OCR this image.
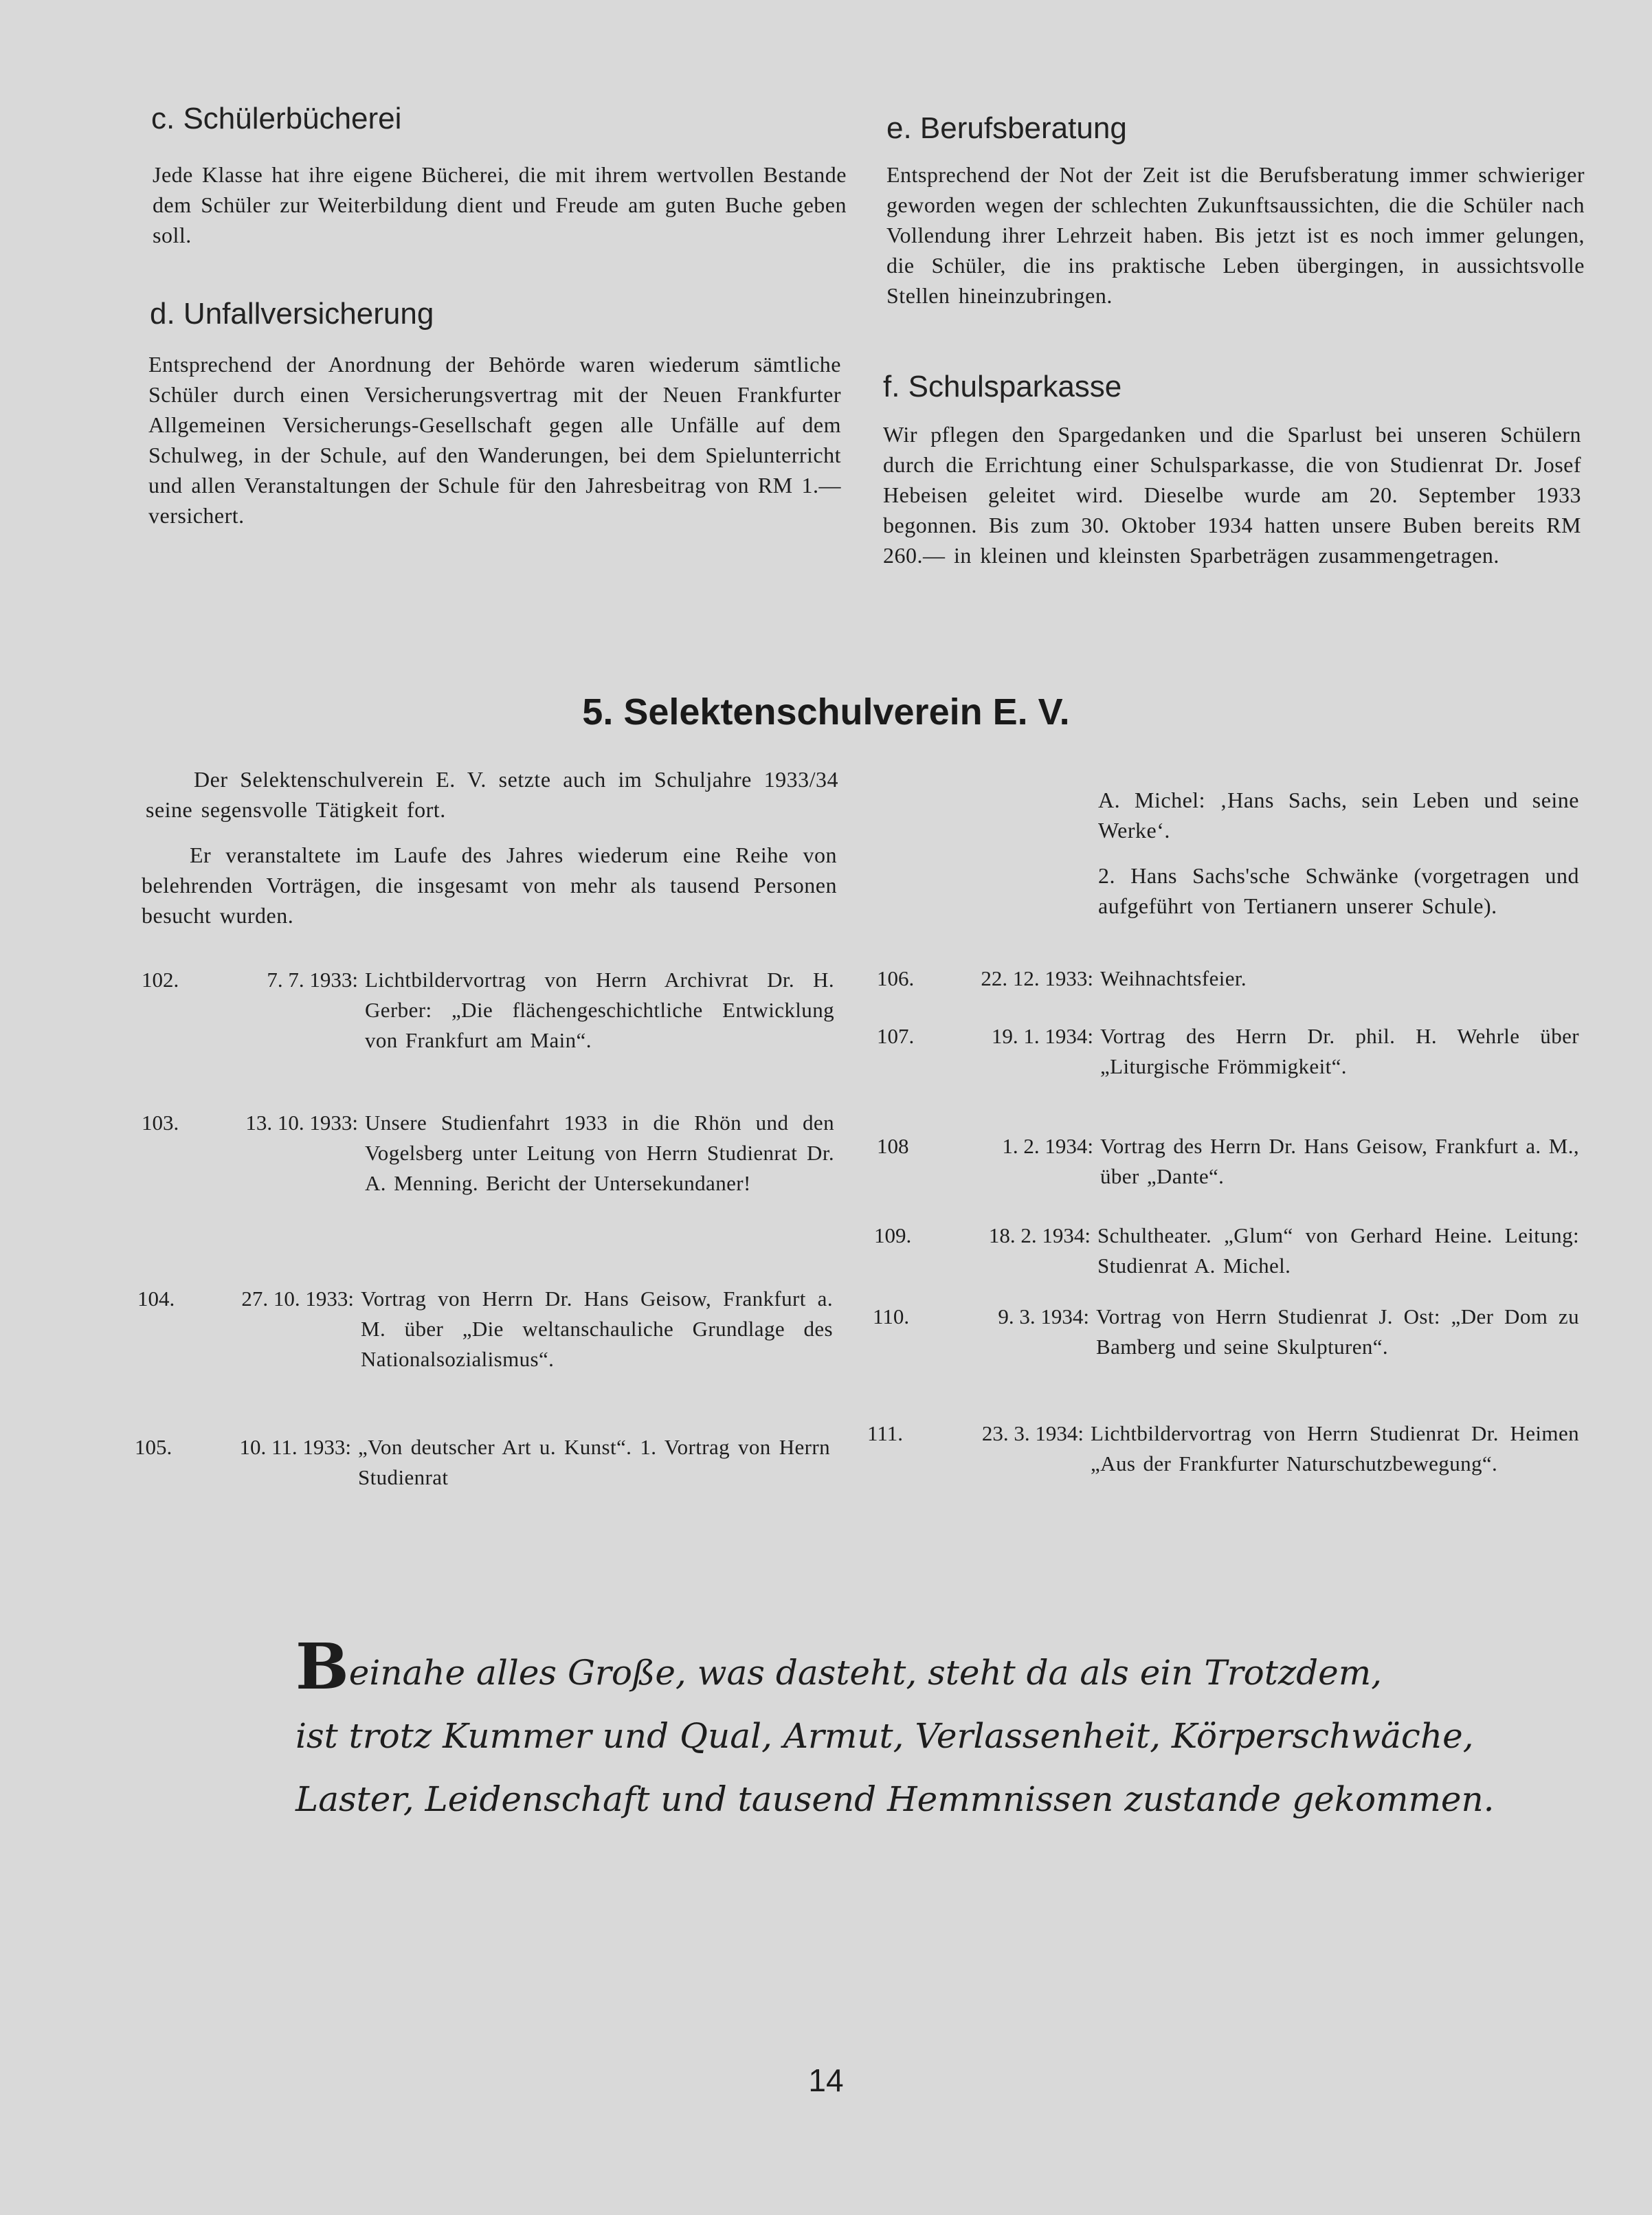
c. Schülerbücherei
Jede Klasse hat ihre eigene Bücherei, die mit ihrem wertvollen Bestande dem Schüler zur Weiterbildung dient und Freude am guten Buche geben soll.
d. Unfallversicherung
Entsprechend der Anordnung der Behörde waren wiederum sämtliche Schüler durch einen Versicherungsvertrag mit der Neuen Frankfurter Allgemeinen Versicherungs-Gesellschaft gegen alle Unfälle auf dem Schulweg, in der Schule, auf den Wanderungen, bei dem Spielunterricht und allen Veranstaltungen der Schule für den Jahresbeitrag von RM 1.— versichert.
e. Berufsberatung
Entsprechend der Not der Zeit ist die Berufsberatung immer schwieriger geworden wegen der schlechten Zukunftsaussichten, die die Schüler nach Vollendung ihrer Lehrzeit haben. Bis jetzt ist es noch immer gelungen, die Schüler, die ins praktische Leben übergingen, in aussichtsvolle Stellen hineinzubringen.
f. Schulsparkasse
Wir pflegen den Spargedanken und die Sparlust bei unseren Schülern durch die Errichtung einer Schulsparkasse, die von Studienrat Dr. Josef Hebeisen geleitet wird. Dieselbe wurde am 20. September 1933 begonnen. Bis zum 30. Oktober 1934 hatten unsere Buben bereits RM 260.— in kleinen und kleinsten Sparbeträgen zusammengetragen.
5. Selektenschulverein E. V.
Der Selektenschulverein E. V. setzte auch im Schuljahre 1933/34 seine segensvolle Tätigkeit fort.
Er veranstaltete im Laufe des Jahres wiederum eine Reihe von belehrenden Vorträgen, die insgesamt von mehr als tausend Personen besucht wurden.
102.	7. 7. 1933: Lichtbildervortrag von Herrn Archivrat Dr. H. Gerber: „Die flächengeschichtliche Entwicklung von Frankfurt am Main“.
103.	13. 10. 1933: Unsere Studienfahrt 1933 in die Rhön und den Vogelsberg unter Leitung von Herrn Studienrat Dr. A. Menning. Bericht der Untersekundaner!
104.	27. 10. 1933: Vortrag von Herrn Dr. Hans Geisow, Frankfurt a. M. über „Die weltanschauliche Grundlage des Nationalsozialismus“.
105.	10. 11. 1933: „Von deutscher Art u. Kunst“. 1. Vortrag von Herrn Studienrat
A. Michel: ‚Hans Sachs, sein Leben und seine Werke‘.
2. Hans Sachs'sche Schwänke (vorgetragen und aufgeführt von Tertianern unserer Schule).
106.	22. 12. 1933: Weihnachtsfeier.
107.	19. 1. 1934: Vortrag des Herrn Dr. phil. H. Wehrle über „Liturgische Frömmigkeit“.
108	1. 2. 1934: Vortrag des Herrn Dr. Hans Geisow, Frankfurt a. M., über „Dante“.
109.	18. 2. 1934: Schultheater. „Glum“ von Gerhard Heine. Leitung: Studienrat A. Michel.
110.	9. 3. 1934: Vortrag von Herrn Studienrat J. Ost: „Der Dom zu Bamberg und seine Skulpturen“.
111.	23. 3. 1934: Lichtbildervortrag von Herrn Studienrat Dr. Heimen „Aus der Frankfurter Naturschutzbewegung“.
Beinahe alles Große, was dasteht, steht da als ein Trotzdem,
ist trotz Kummer und Qual, Armut, Verlassenheit, Körperschwäche,
Laster, Leidenschaft und tausend Hemmnissen zustande gekommen.
14
